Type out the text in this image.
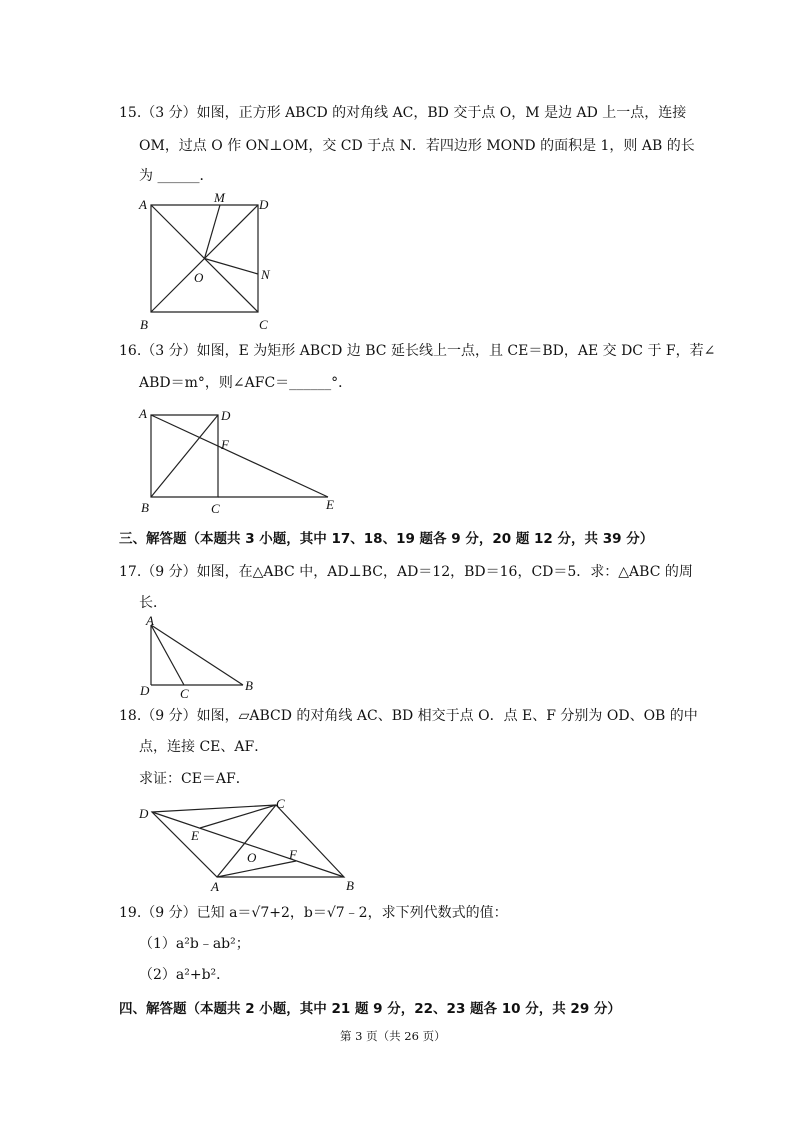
15.（3 分）如图，正方形 ABCD 的对角线 AC，BD 交于点 O，M 是边 AD 上一点，连接
OM，过点 O 作 ON⊥OM，交 CD 于点 N．若四边形 MOND 的面积是 1，则 AB 的长
为 ______．
A	M	D
O	N
B	C
16.（3 分）如图，E 为矩形 ABCD 边 BC 延长线上一点，且 CE＝BD，AE 交 DC 于 F，若∠
ABD＝m°，则∠AFC＝______°．
A	D
F
B	C	E
三、解答题（本题共 3 小题，其中 17、18、19 题各 9 分，20 题 12 分，共 39 分）
17.（9 分）如图，在△ABC 中，AD⊥BC，AD＝12，BD＝16，CD＝5．求：△ABC 的周
长．
A
D C
B
18.（9 分）如图，▱ABCD 的对角线 AC、BD 相交于点 O．点 E、F 分别为 OD、OB 的中
点，连接 CE、AF．
求证：CE＝AF．
D
C
E
O	F
A	B
19.（9 分）已知 a＝√7+2，b＝√7﹣2，求下列代数式的值：
（1）a²b﹣ab²；
（2）a²+b²．
四、解答题（本题共 2 小题，其中 21 题 9 分，22、23 题各 10 分，共 29 分）
第 3 页（共 26 页）
